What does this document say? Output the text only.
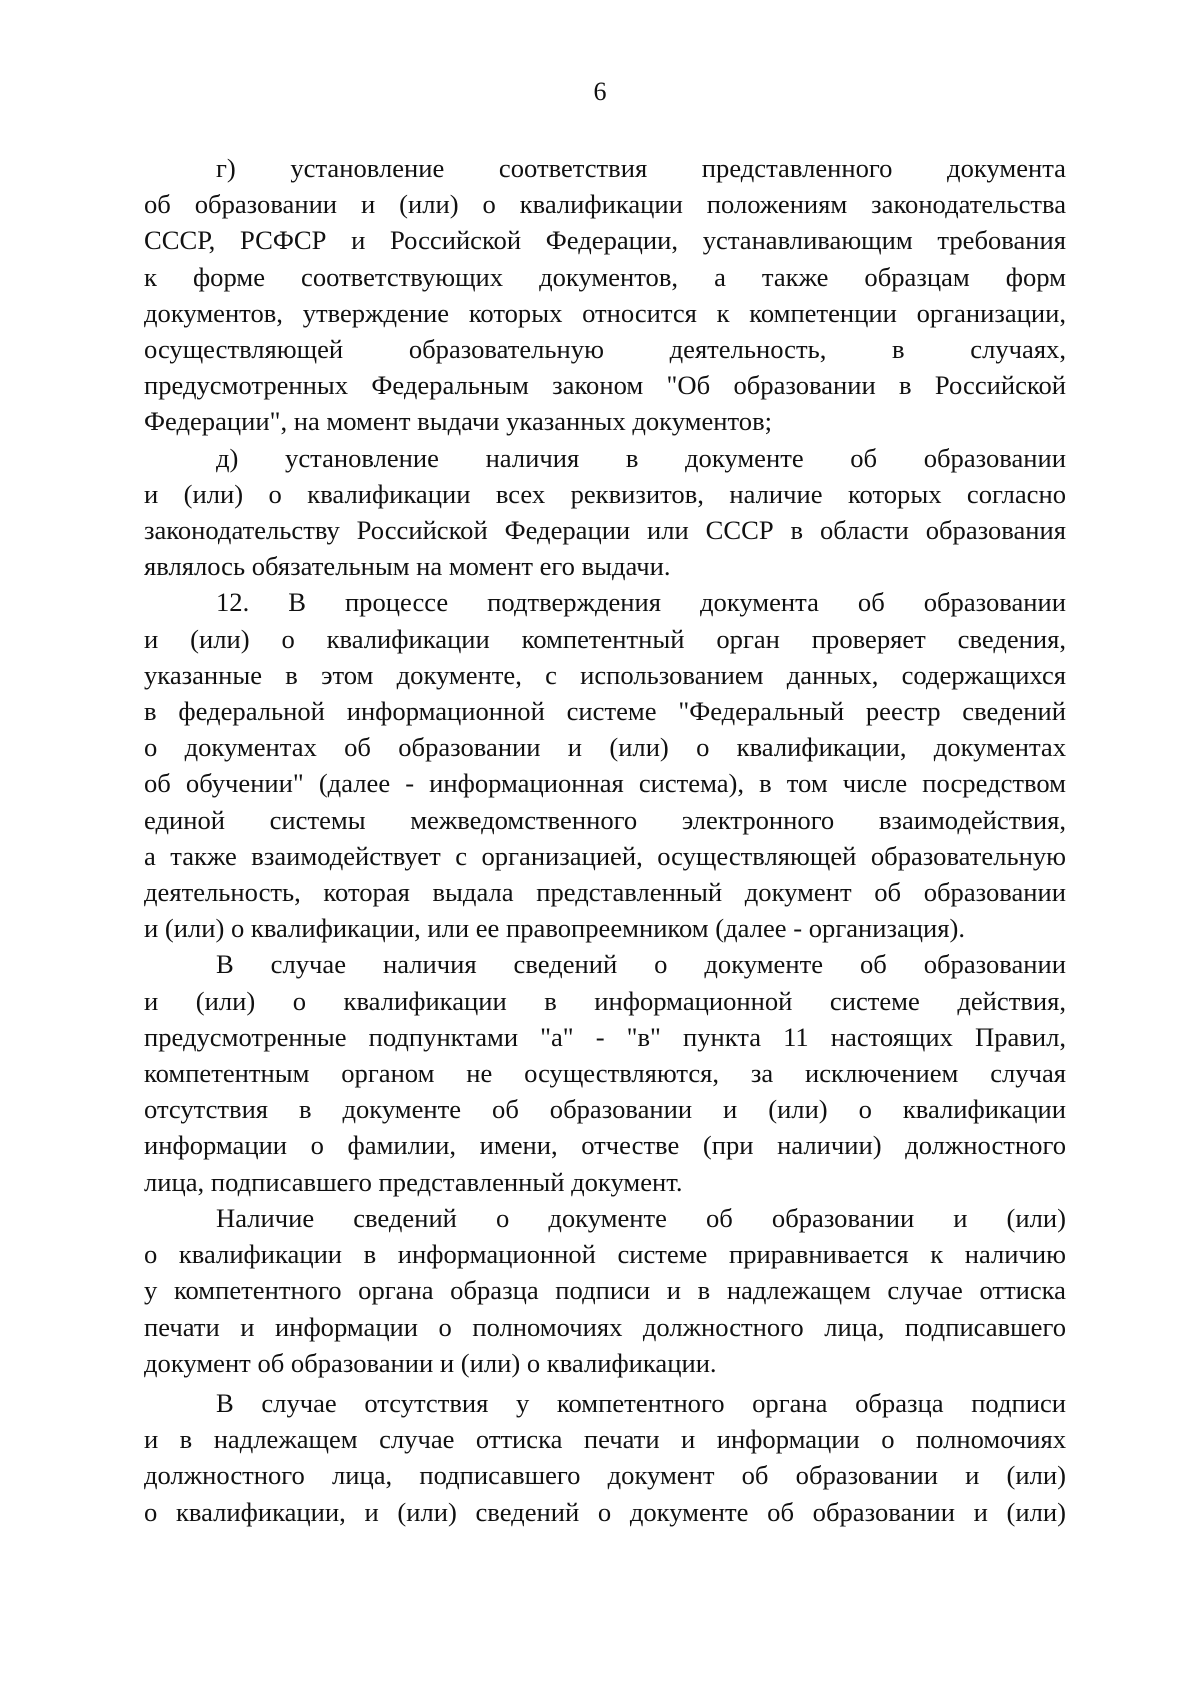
6
г) установление соответствия представленного документа
об образовании и (или) о квалификации положениям законодательства
СССР, РСФСР и Российской Федерации, устанавливающим требования
к форме соответствующих документов, а также образцам форм
документов, утверждение которых относится к компетенции организации,
осуществляющей образовательную деятельность, в случаях,
предусмотренных Федеральным законом "Об образовании в Российской
Федерации", на момент выдачи указанных документов;
д) установление наличия в документе об образовании
и (или) о квалификации всех реквизитов, наличие которых согласно
законодательству Российской Федерации или СССР в области образования
являлось обязательным на момент его выдачи.
12. В процессе подтверждения документа об образовании
и (или) о квалификации компетентный орган проверяет сведения,
указанные в этом документе, с использованием данных, содержащихся
в федеральной информационной системе "Федеральный реестр сведений
о документах об образовании и (или) о квалификации, документах
об обучении" (далее - информационная система), в том числе посредством
единой системы межведомственного электронного взаимодействия,
а также взаимодействует с организацией, осуществляющей образовательную
деятельность, которая выдала представленный документ об образовании
и (или) о квалификации, или ее правопреемником (далее - организация).
В случае наличия сведений о документе об образовании
и (или) о квалификации в информационной системе действия,
предусмотренные подпунктами "а" - "в" пункта 11 настоящих Правил,
компетентным органом не осуществляются, за исключением случая
отсутствия в документе об образовании и (или) о квалификации
информации о фамилии, имени, отчестве (при наличии) должностного
лица, подписавшего представленный документ.
Наличие сведений о документе об образовании и (или)
о квалификации в информационной системе приравнивается к наличию
у компетентного органа образца подписи и в надлежащем случае оттиска
печати и информации о полномочиях должностного лица, подписавшего
документ об образовании и (или) о квалификации.
В случае отсутствия у компетентного органа образца подписи
и в надлежащем случае оттиска печати и информации о полномочиях
должностного лица, подписавшего документ об образовании и (или)
о квалификации, и (или) сведений о документе об образовании и (или)
